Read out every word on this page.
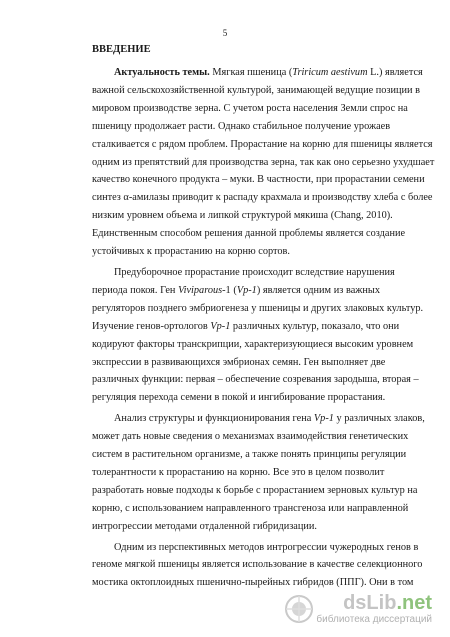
5
ВВЕДЕНИЕ
Актуальность темы. Мягкая пшеница (Triricum aestivum L.) является
важной сельскохозяйственной культурой, занимающей ведущие позиции в
мировом производстве зерна. С учетом роста населения Земли спрос на
пшеницу продолжает расти. Однако стабильное получение урожаев
сталкивается с рядом проблем. Прорастание на корню для пшеницы является
одним из препятствий для производства зерна, так как оно серьезно ухудшает
качество конечного продукта – муки. В частности, при прорастании семени
синтез α-амилазы приводит к распаду крахмала и производству хлеба с более
низким уровнем объема и липкой структурой мякиша (Chang, 2010).
Единственным способом решения данной проблемы является создание
устойчивых к прорастанию на корню сортов.
Предуборочное прорастание происходит вследствие нарушения
периода покоя. Ген Viviparous-1 (Vp-1) является одним из важных
регуляторов позднего эмбриогенеза у пшеницы и других злаковых культур.
Изучение генов-ортологов Vp-1 различных культур, показало, что они
кодируют факторы транскрипции, характеризующиеся высоким уровнем
экспрессии в развивающихся эмбрионах семян. Ген выполняет две
различных функции: первая – обеспечение созревания зародыша, вторая –
регуляция перехода семени в покой и ингибирование прорастания.
Анализ структуры и функционирования гена Vp-1 у различных злаков,
может дать новые сведения о механизмах взаимодействия генетических
систем в растительном организме, а также понять принципы регуляции
толерантности к прорастанию на корню. Все это в целом позволит
разработать новые подходы к борьбе с прорастанием зерновых культур на
корню, с использованием направленного трансгеноза или направленной
интрогрессии методами отдаленной гибридизации.
Одним из перспективных методов интрогрессии чужеродных генов в
геноме мягкой пшеницы является использование в качестве селекционного
мостика октоплоидных пшенично-пырейных гибридов (ППГ). Они в том
dsLib.net
библиотека диссертаций
